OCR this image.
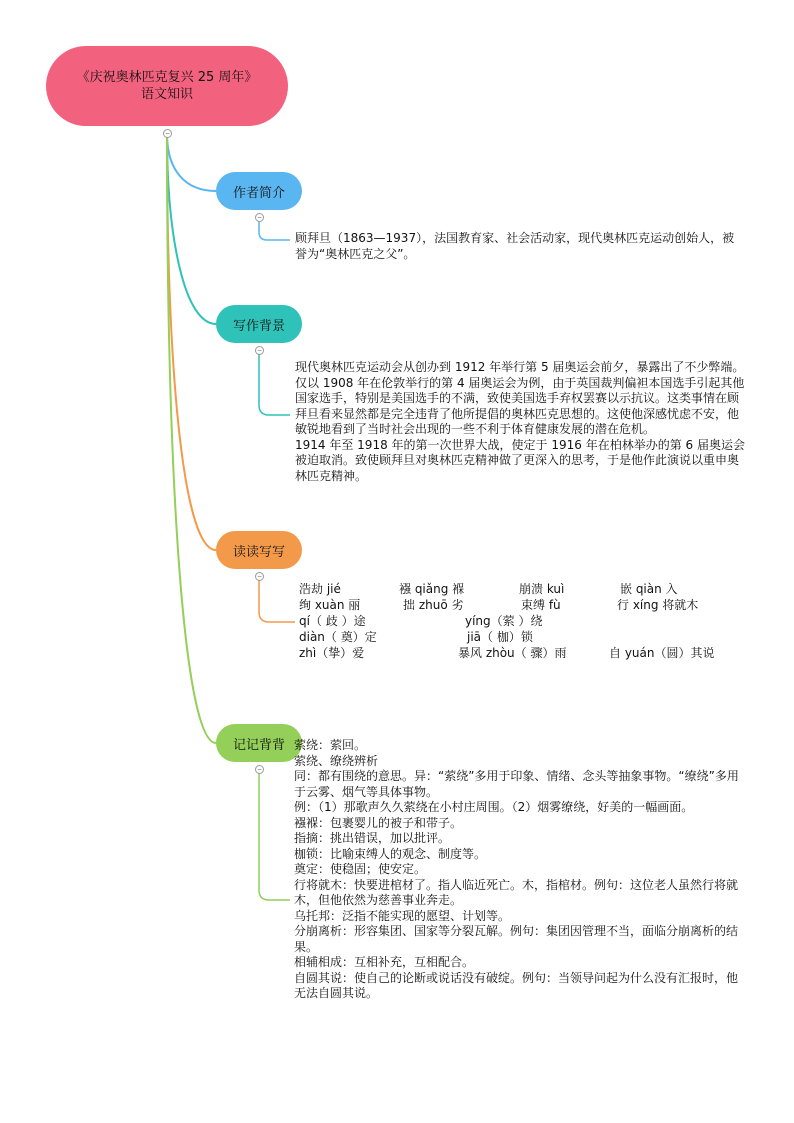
《庆祝奥林匹克复兴 25 周年》
语文知识
−
作者简介
−
顾拜旦（1863—1937），法国教育家、社会活动家，现代奥林匹克运动创始人，被誉为“奥林匹克之父”。
写作背景
−

现代奥林匹克运动会从创办到 1912 年举行第 5 届奥运会前夕，暴露出了不少弊端。仅以 1908 年在伦敦举行的第 4 届奥运会为例，由于英国裁判偏袒本国选手引起其他国家选手，特别是美国选手的不满，致使美国选手弃权罢赛以示抗议。这类事情在顾拜旦看来显然都是完全违背了他所提倡的奥林匹克思想的。这使他深感忧虑不安，他敏锐地看到了当时社会出现的一些不利于体育健康发展的潜在危机。

1914 年至 1918 年的第一次世界大战，使定于 1916 年在柏林举办的第 6 届奥运会被迫取消。致使顾拜旦对奥林匹克精神做了更深入的思考，于是他作此演说以重申奥林匹克精神。

读读写写
−
浩劫 jié	襁 qiǎng 褓	崩溃 kuì	嵌 qiàn 入
绚 xuàn 丽	拙 zhuō 劣	束缚 fù	行 xíng 将就木
qí（ 歧 ）途	yíng（萦 ）绕
diàn（ 奠）定	jiā（ 枷）锁
zhì（挚）爱	暴风 zhòu（ 骤）雨	自 yuán（圆）其说
记记背背
−

萦绕：萦回。

萦绕、缭绕辨析

同：都有围绕的意思。异：“萦绕”多用于印象、情绪、念头等抽象事物。“缭绕”多用于云雾、烟气等具体事物。

例：（1）那歌声久久萦绕在小村庄周围。（2）烟雾缭绕，好美的一幅画面。

襁褓：包裹婴儿的被子和带子。

指摘：挑出错误，加以批评。

枷锁：比喻束缚人的观念、制度等。

奠定：使稳固；使安定。

行将就木：快要进棺材了。指人临近死亡。木，指棺材。例句：这位老人虽然行将就木，但他依然为慈善事业奔走。

乌托邦：泛指不能实现的愿望、计划等。

分崩离析：形容集团、国家等分裂瓦解。例句：集团因管理不当，面临分崩离析的结果。

相辅相成：互相补充，互相配合。

自圆其说：使自己的论断或说话没有破绽。例句：当领导问起为什么没有汇报时，他无法自圆其说。
